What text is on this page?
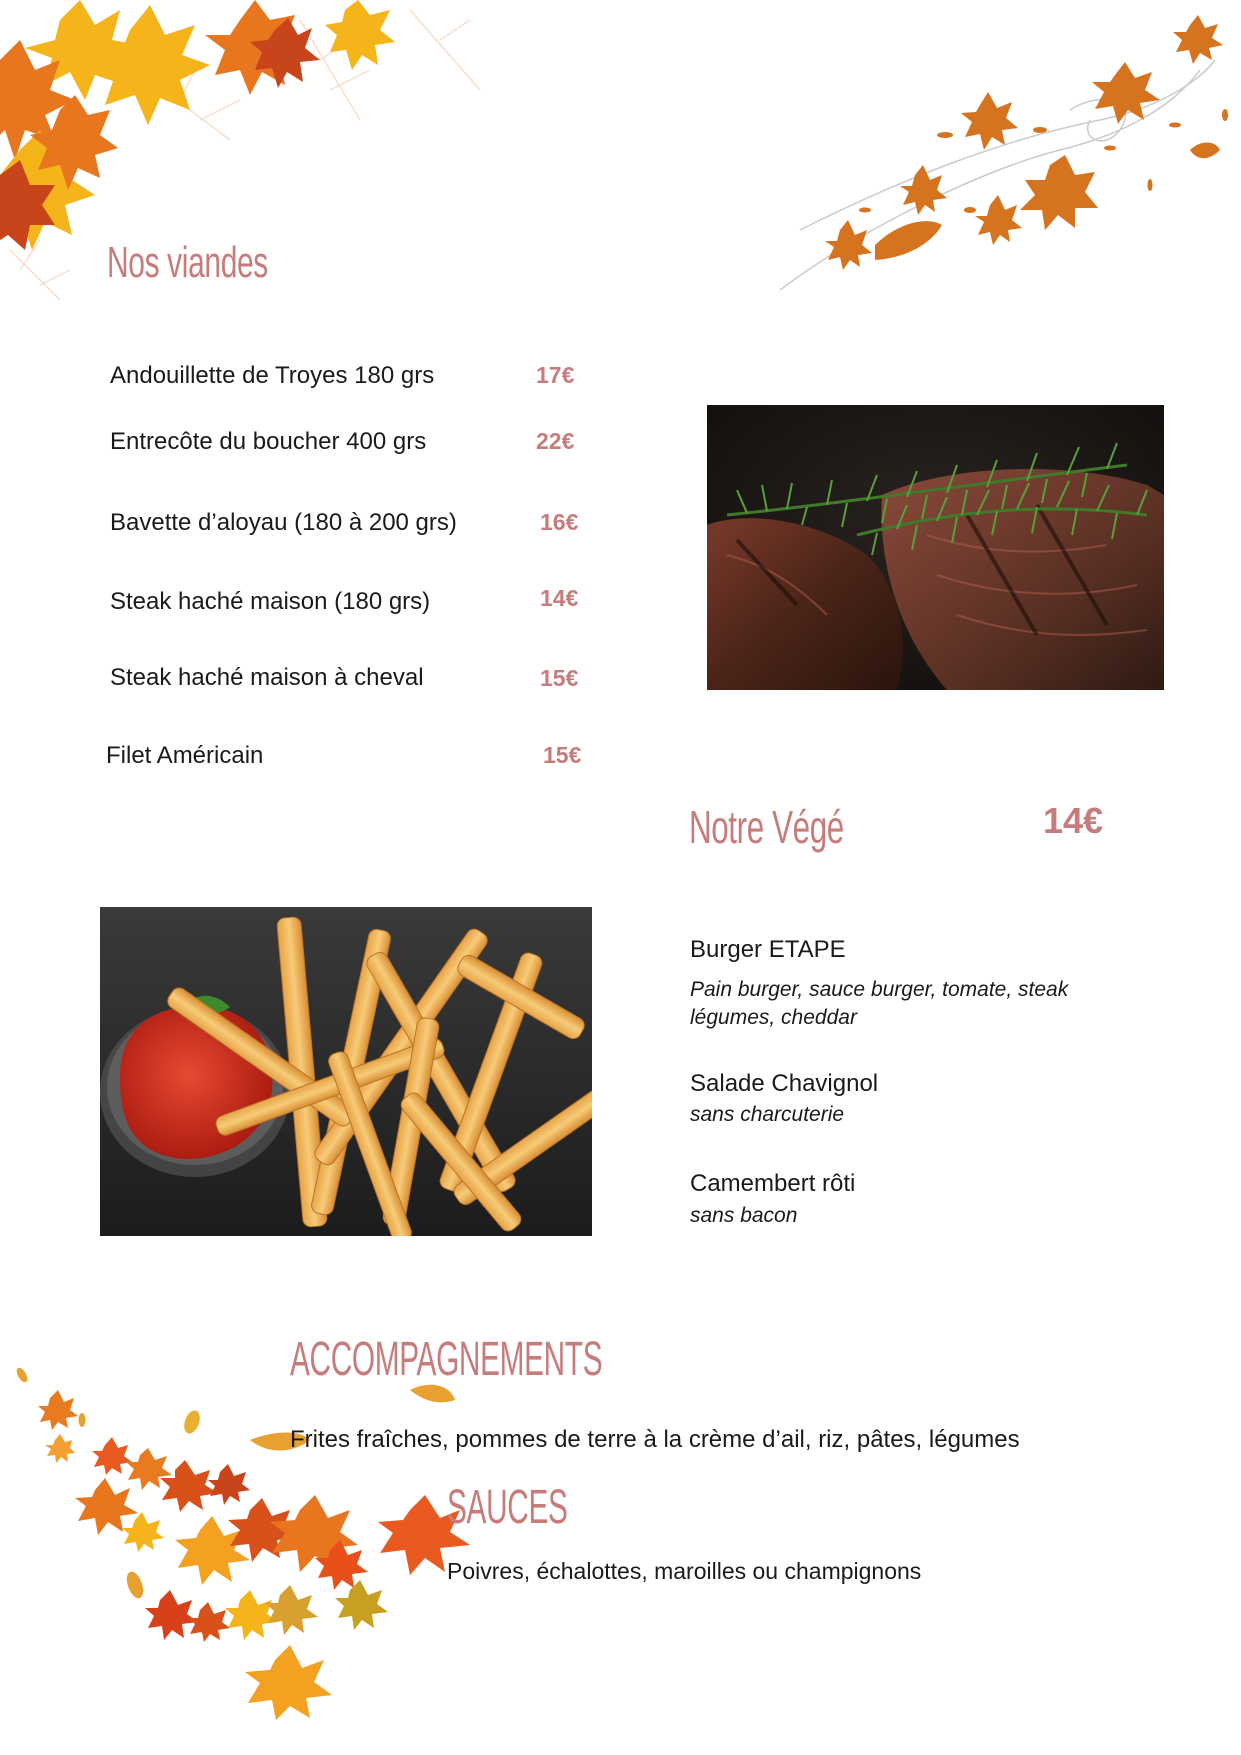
Nos viandes
Andouillette de Troyes 180 grs	17€
Entrecôte du boucher 400 grs	22€
Bavette d’aloyau (180 à 200 grs)	16€
Steak haché maison (180 grs)	14€
Steak haché maison à cheval	15€
Filet Américain	15€
Notre Végé	14€
Burger ETAPE
Pain burger, sauce burger, tomate, steak légumes, cheddar
Salade Chavignol
sans charcuterie
Camembert rôti
sans bacon
ACCOMPAGNEMENTS
Frites fraîches, pommes de terre à la crème d’ail, riz, pâtes, légumes
SAUCES
Poivres, échalottes, maroilles ou champignons
